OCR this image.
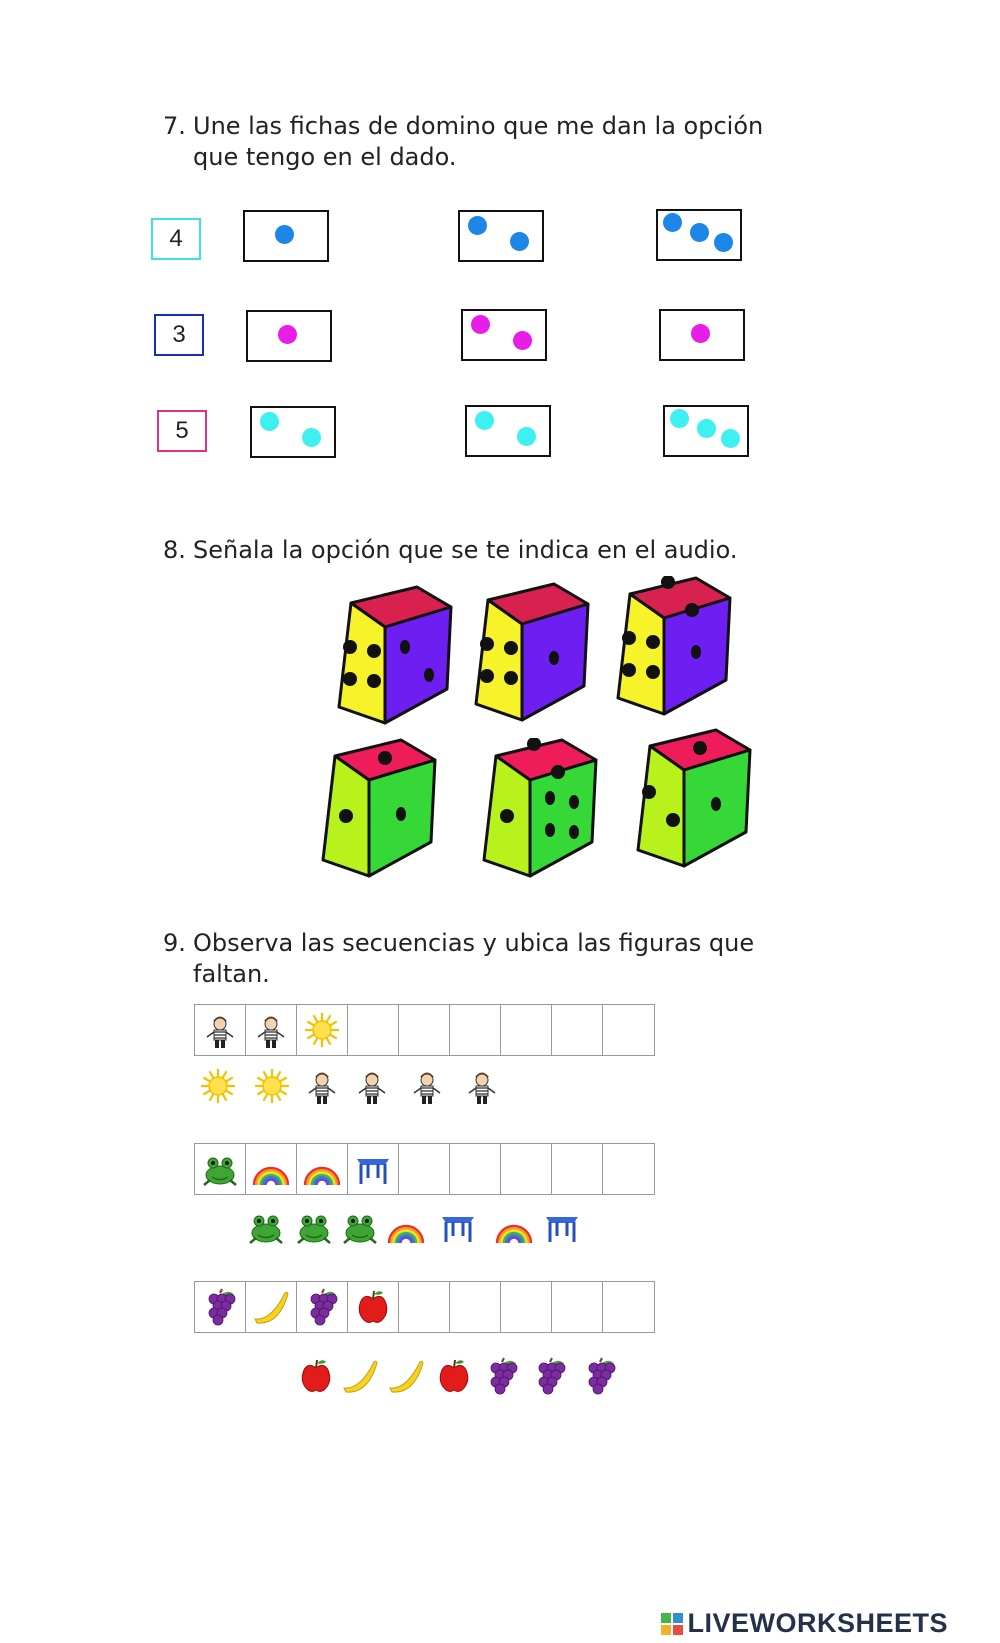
7. Une las fichas de domino que me dan la opción
que tengo en el dado.
4
3
5
8. Señala la opción que se te indica en el audio.
9. Observa las secuencias y ubica las figuras que
faltan.
LIVEWORKSHEETS
